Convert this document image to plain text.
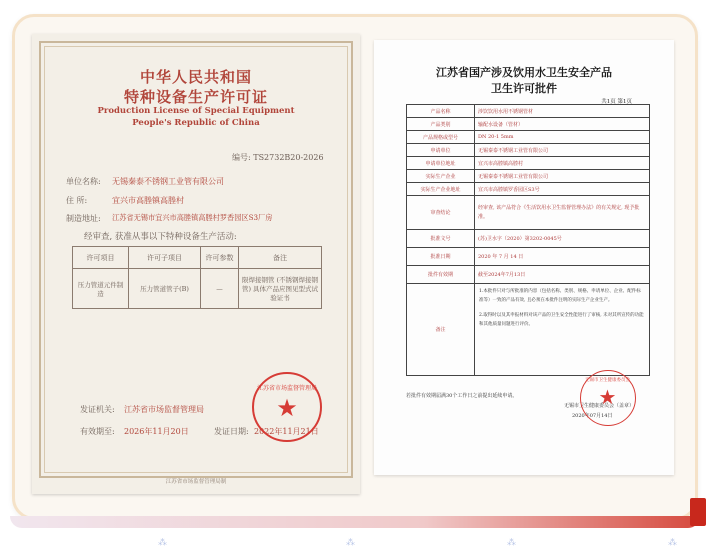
⁂	⁂	⁂	⁂
中华人民共和国
特种设备生产许可证
Production License of Special Equipment
People's Republic of China
编号: TS2732B20-2026
单位名称: 无锡秦泰不锈钢工业管有限公司
住 所:	宜兴市高塍镇高塍村
制造地址: 江苏省无锡市宜兴市高塍镇高塍村罗香园区S3厂房
经审查, 获准从事以下特种设备生产活动:
许可项目	许可子项目	许可参数	备注
压力管道元件制造	压力管道管子(B)	—	限焊接钢管 (不锈钢焊接钢管) 具体产品应图见型式试验证书
发证机关: 江苏省市场监督管理局
有效期至: 2026年11月20日	发证日期: 2022年11月21日
江苏省市场监督管理局
★
江苏省市场监督管理局制
江苏省国产涉及饮用水卫生安全产品
卫生许可批件
共1页 第1页
产品名称	涉饮饮用水用不锈钢管材
产品类别	输配水设备（管材）
产品规格或型号	DN 20-1 5mm
申请单位	无锡秦泰不锈钢工业管有限公司
申请单位地址	宜兴市高塍镇高塍村
实际生产企业	无锡秦泰不锈钢工业管有限公司
实际生产企业地址	宜兴市高塍镇罗香园区S3号
审查结论	经审查, 该产品符合《生活饮用水卫生监督管理办法》的有关规定, 现予批准。
批准文号	(苏)卫水字（2020）第3202-0045号
批准日期	2020 年 7 月 14 日
批件有效期	截至2024年7月13日
备注	1.本批件只对与所批准的内容（包括名称、类别、规格、申请单位、企业、配件标准等）一致的产品有效, 且必须在本批件注明的实际生产企业生产。
2.取得时以及其申报材料对该产品的卫生安全性能进行了审核, 未对其所宣传的功能和其他质量问题进行评价。
若批件有效期届满30个工作日之前提出延续申请。
无锡市卫生健康委员会（盖章）
2020年07月14日
无锡市卫生健康委员会
★
